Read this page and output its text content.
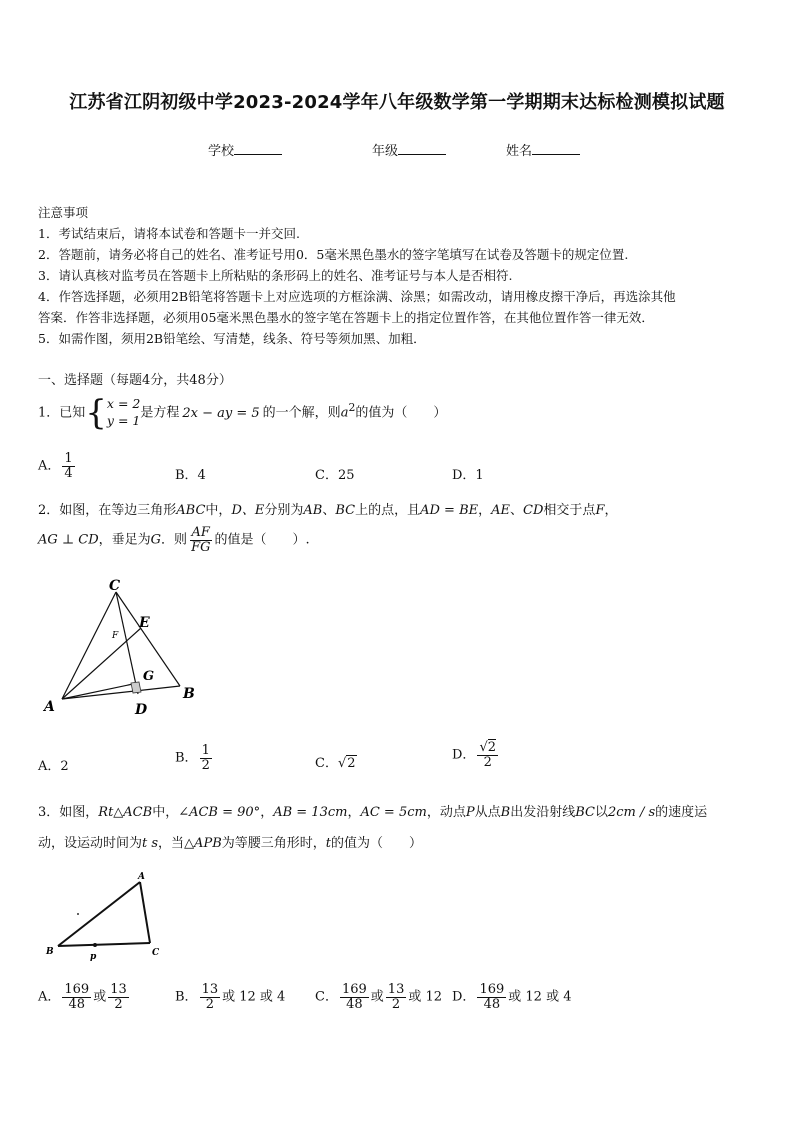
江苏省江阴初级中学2023-2024学年八年级数学第一学期期末达标检测模拟试题
学校	年级	姓名
注意事项
1．考试结束后，请将本试卷和答题卡一并交回.
2．答题前，请务必将自己的姓名、准考证号用0．5毫米黑色墨水的签字笔填写在试卷及答题卡的规定位置.
3．请认真核对监考员在答题卡上所粘贴的条形码上的姓名、准考证号与本人是否相符.
4．作答选择题，必须用2B铅笔将答题卡上对应选项的方框涂满、涂黑；如需改动，请用橡皮擦干净后，再选涂其他
答案．作答非选择题，必须用05毫米黑色墨水的签字笔在答题卡上的指定位置作答，在其他位置作答一律无效．
5．如需作图，须用2B铅笔绘、写清楚，线条、符号等须加黑、加粗．
一、选择题（每题4分，共48分）
1．已知{ x = 2
y = 1 是方程 2x − ay = 5 的一个解，则$a^2$的值为（　　）
A． $\frac{1}{4}$	B．4	C．25	D．1
2．如图，在等边三角形ABC中，D、E分别为AB、BC上的点，且AD = BE，AE、CD相交于点F，
AG ⊥ CD，垂足为G．则 $\frac{AF}{FG}$ 的值是（　　）.
C
E
F
G
A	D
B
A．2
B． $\frac{1}{2}$	C．√2
D． $\frac{√2}{2}$
3．如图，Rt△ACB中，∠ACB = 90°，AB = 13cm，AC = 5cm，动点P从点B出发沿射线BC以2cm / s的速度运
动，设运动时间为t s，当△APB为等腰三角形时，t的值为（　　）
A
B	C
p
A． $\frac{169}{48}$ 或 $\frac{13}{2}$	B． $\frac{13}{2}$ 或 12 或 4 C． $\frac{169}{48}$ 或 $\frac{13}{2}$ 或 12 D． $\frac{169}{48}$ 或 12 或 4
